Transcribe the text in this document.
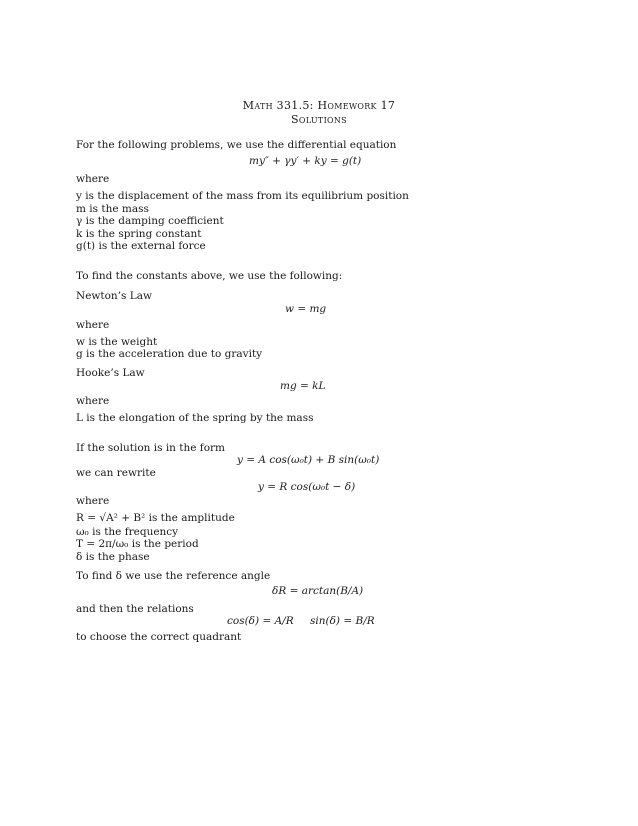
Math 331.5: Homework 17
Solutions
For the following problems, we use the differential equation
my″ + γy′ + ky = g(t)
where
y is the displacement of the mass from its equilibrium position
m is the mass
γ is the damping coefficient
k is the spring constant
g(t) is the external force
To find the constants above, we use the following:
Newton’s Law
w = mg
where
w is the weight
g is the acceleration due to gravity
Hooke’s Law
mg = kL
where
L is the elongation of the spring by the mass
If the solution is in the form
y = A cos(ω₀t) + B sin(ω₀t)
we can rewrite
y = R cos(ω₀t − δ)
where
R = √A² + B² is the amplitude
ω₀ is the frequency
T = 2π/ω₀ is the period
δ is the phase
To find δ we use the reference angle
δR = arctan(B/A)
and then the relations
cos(δ) = A/R sin(δ) = B/R
to choose the correct quadrant
